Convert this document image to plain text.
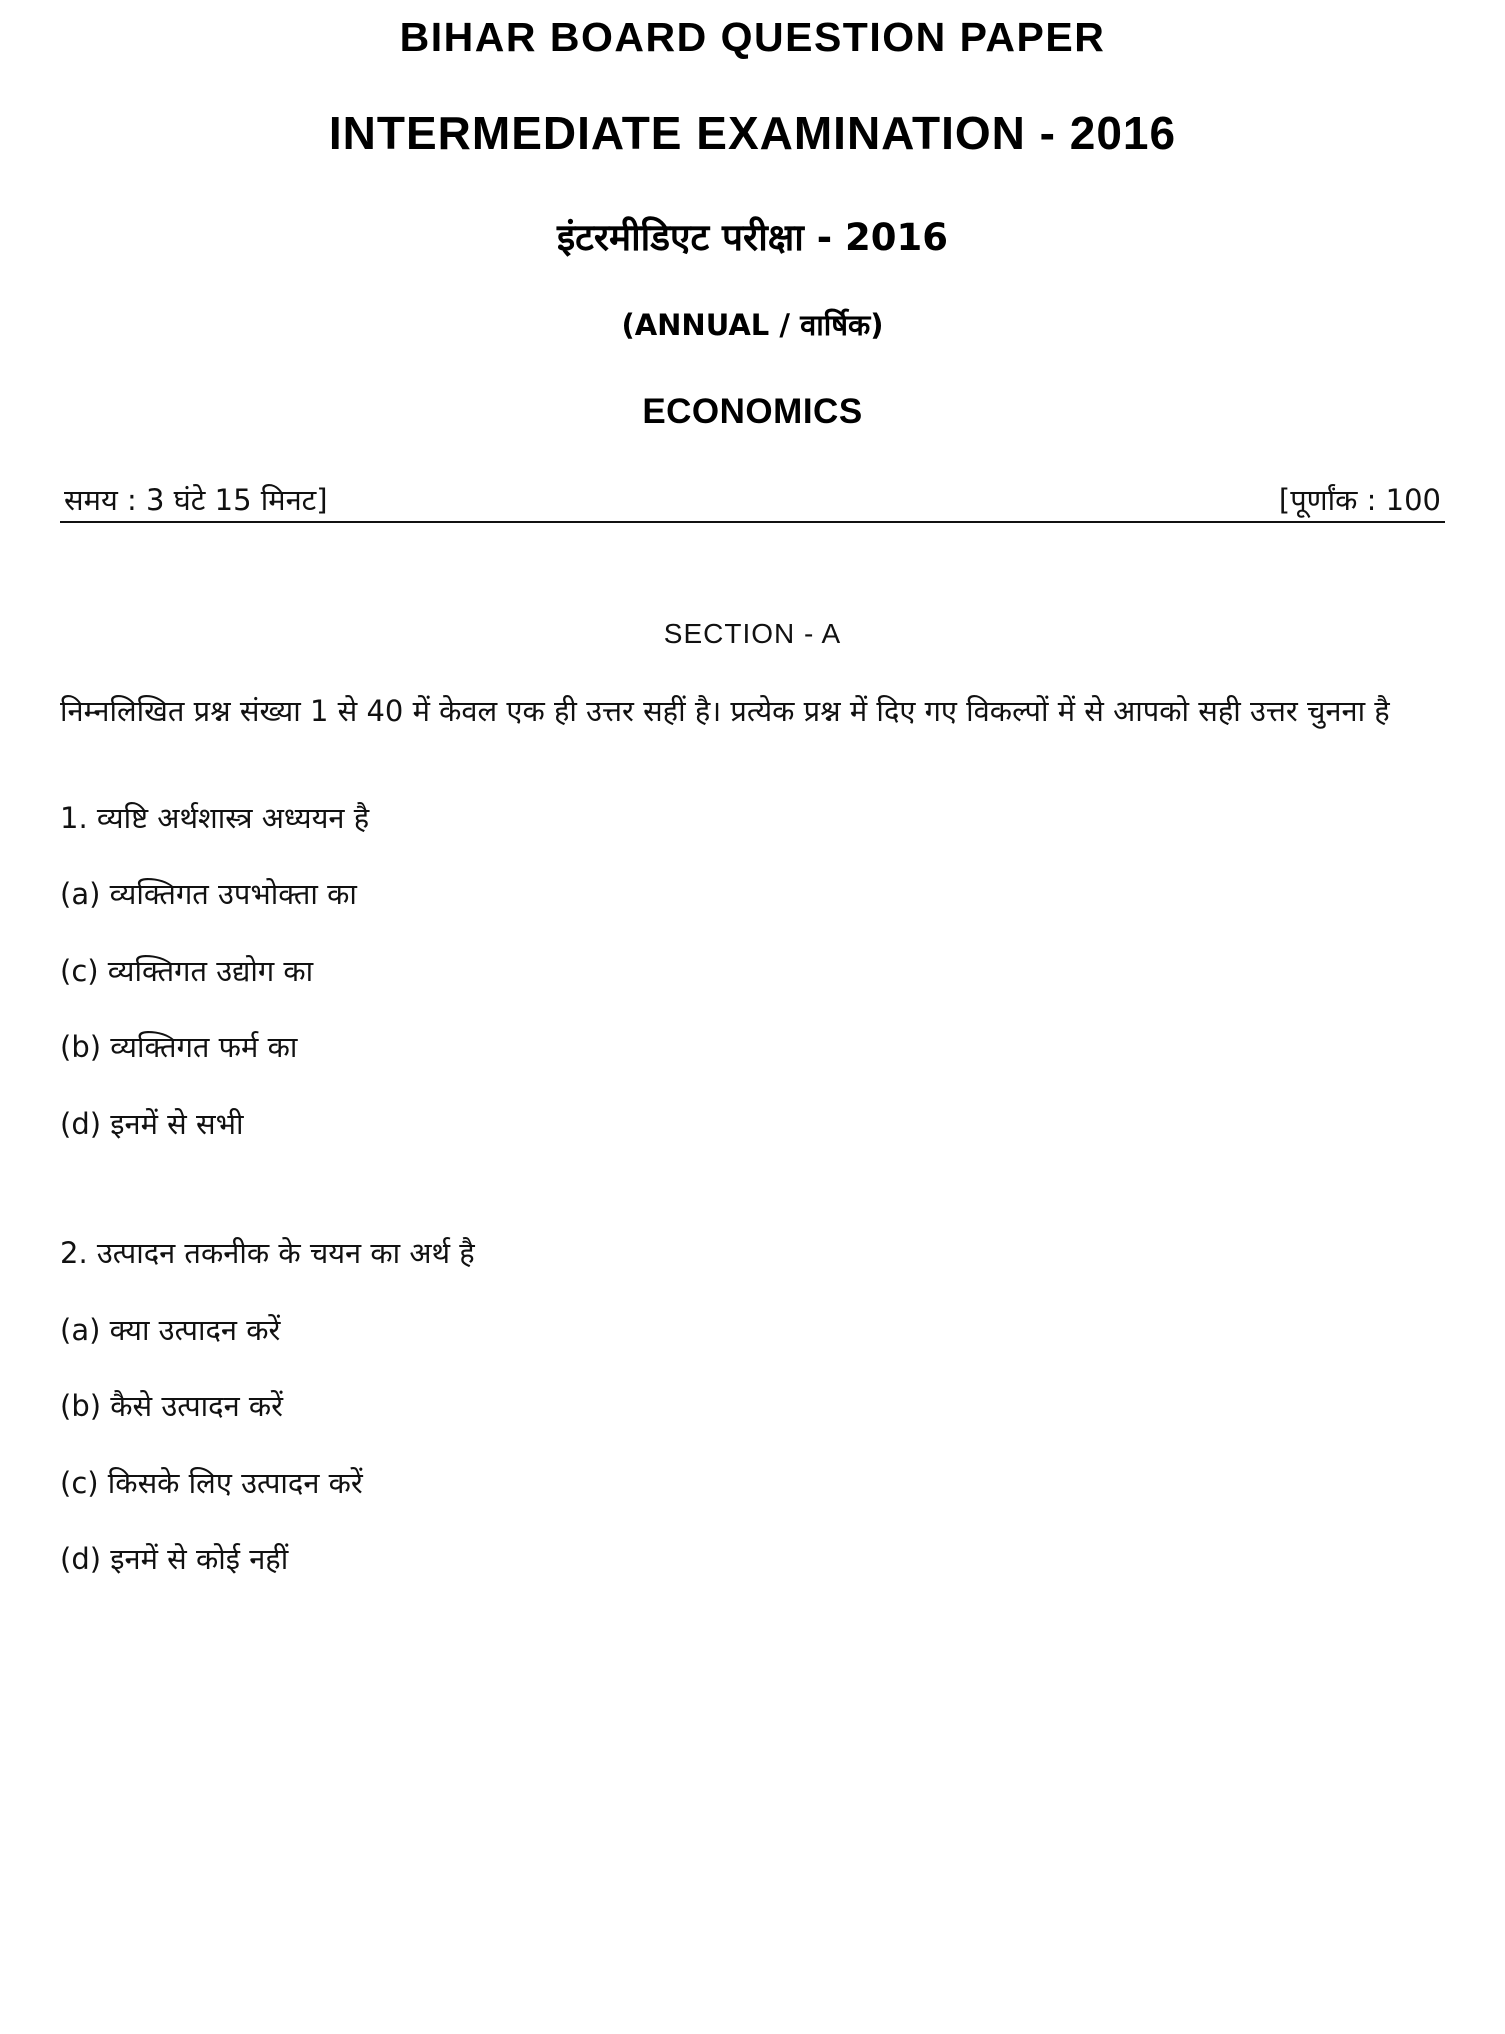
BIHAR BOARD QUESTION PAPER
INTERMEDIATE EXAMINATION - 2016
इंटरमीडिएट परीक्षा - 2016
(ANNUAL / वार्षिक)
ECONOMICS
समय : 3 घंटे 15 मिनट]	[पूर्णांक : 100
SECTION - A
निम्नलिखित प्रश्न संख्या 1 से 40 में केवल एक ही उत्तर सहीं है। प्रत्येक प्रश्न में दिए गए विकल्पों में से आपको सही उत्तर चुनना है
1. व्यष्टि अर्थशास्त्र अध्ययन है
(a) व्यक्तिगत उपभोक्ता का
(c) व्यक्तिगत उद्योग का
(b) व्यक्तिगत फर्म का
(d) इनमें से सभी
2. उत्पादन तकनीक के चयन का अर्थ है
(a) क्या उत्पादन करें
(b) कैसे उत्पादन करें
(c) किसके लिए उत्पादन करें
(d) इनमें से कोई नहीं
